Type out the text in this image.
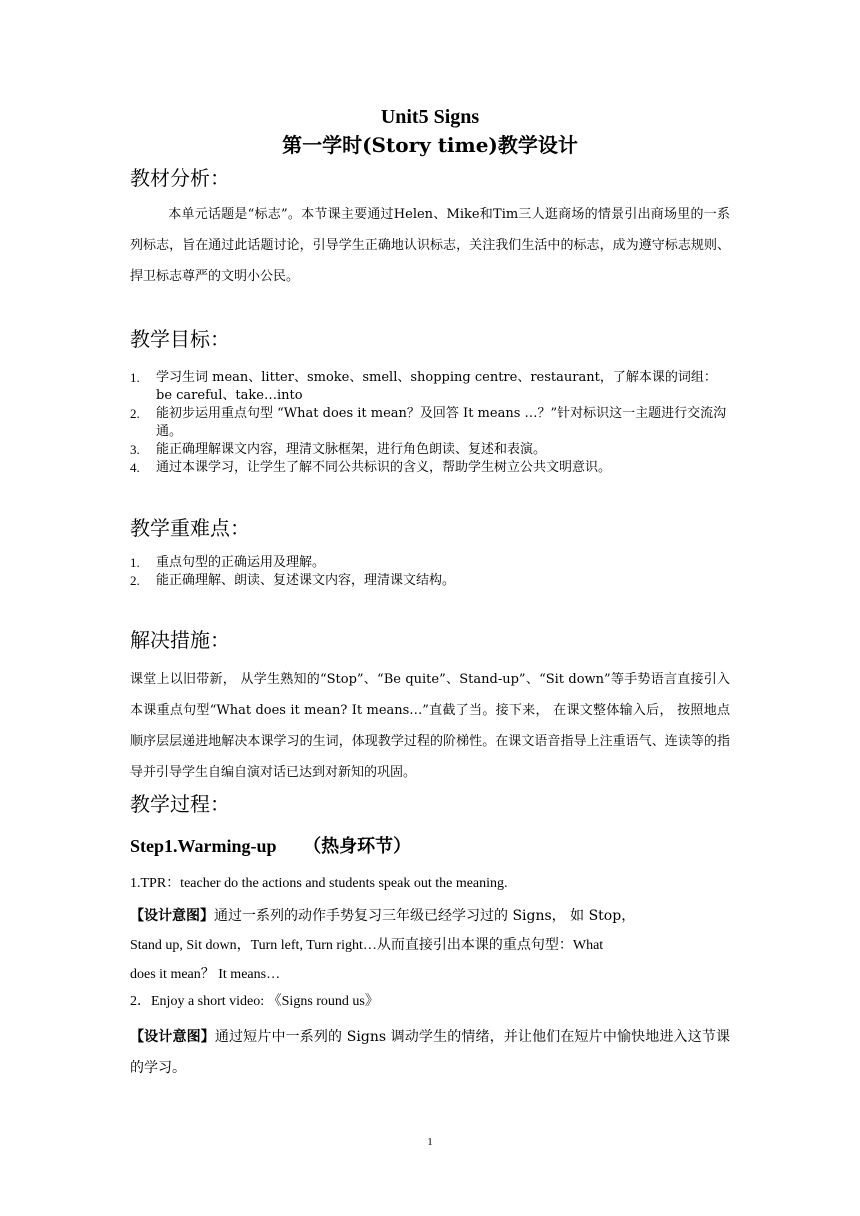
Unit5 Signs
第一学时(Story time)教学设计
教材分析：
本单元话题是“标志”。本节课主要通过Helen、Mike和Tim三人逛商场的情景引出商场里的一系列标志，旨在通过此话题讨论，引导学生正确地认识标志，关注我们生活中的标志，成为遵守标志规则、捍卫标志尊严的文明小公民。
教学目标：
1. 学习生词 mean、litter、smoke、smell、shopping centre、restaurant，了解本课的词组：be careful、take…into
2. 能初步运用重点句型 “What does it mean？及回答 It means …？”针对标识这一主题进行交流沟通。
3. 能正确理解课文内容，理清文脉框架，进行角色朗读、复述和表演。
4. 通过本课学习，让学生了解不同公共标识的含义，帮助学生树立公共文明意识。
教学重难点：
1. 重点句型的正确运用及理解。
2. 能正确理解、朗读、复述课文内容，理清课文结构。
解决措施：
课堂上以旧带新， 从学生熟知的“Stop”、“Be quite”、Stand-up”、“Sit down”等手势语言直接引入本课重点句型“What does it mean? It means…”直截了当。接下来， 在课文整体输入后， 按照地点顺序层层递进地解决本课学习的生词，体现教学过程的阶梯性。在课文语音指导上注重语气、连读等的指导并引导学生自编自演对话已达到对新知的巩固。
教学过程：
Step1.Warming-up （热身环节）
1.TPR：teacher do the actions and students speak out the meaning.
【设计意图】通过一系列的动作手势复习三年级已经学习过的 Signs， 如 Stop，
Stand up, Sit down，Turn left, Turn right…从而直接引出本课的重点句型：What
does it mean？ It means…
2．Enjoy a short video: 《Signs round us》
【设计意图】通过短片中一系列的 Signs 调动学生的情绪，并让他们在短片中愉快地进入这节课的学习。
1
